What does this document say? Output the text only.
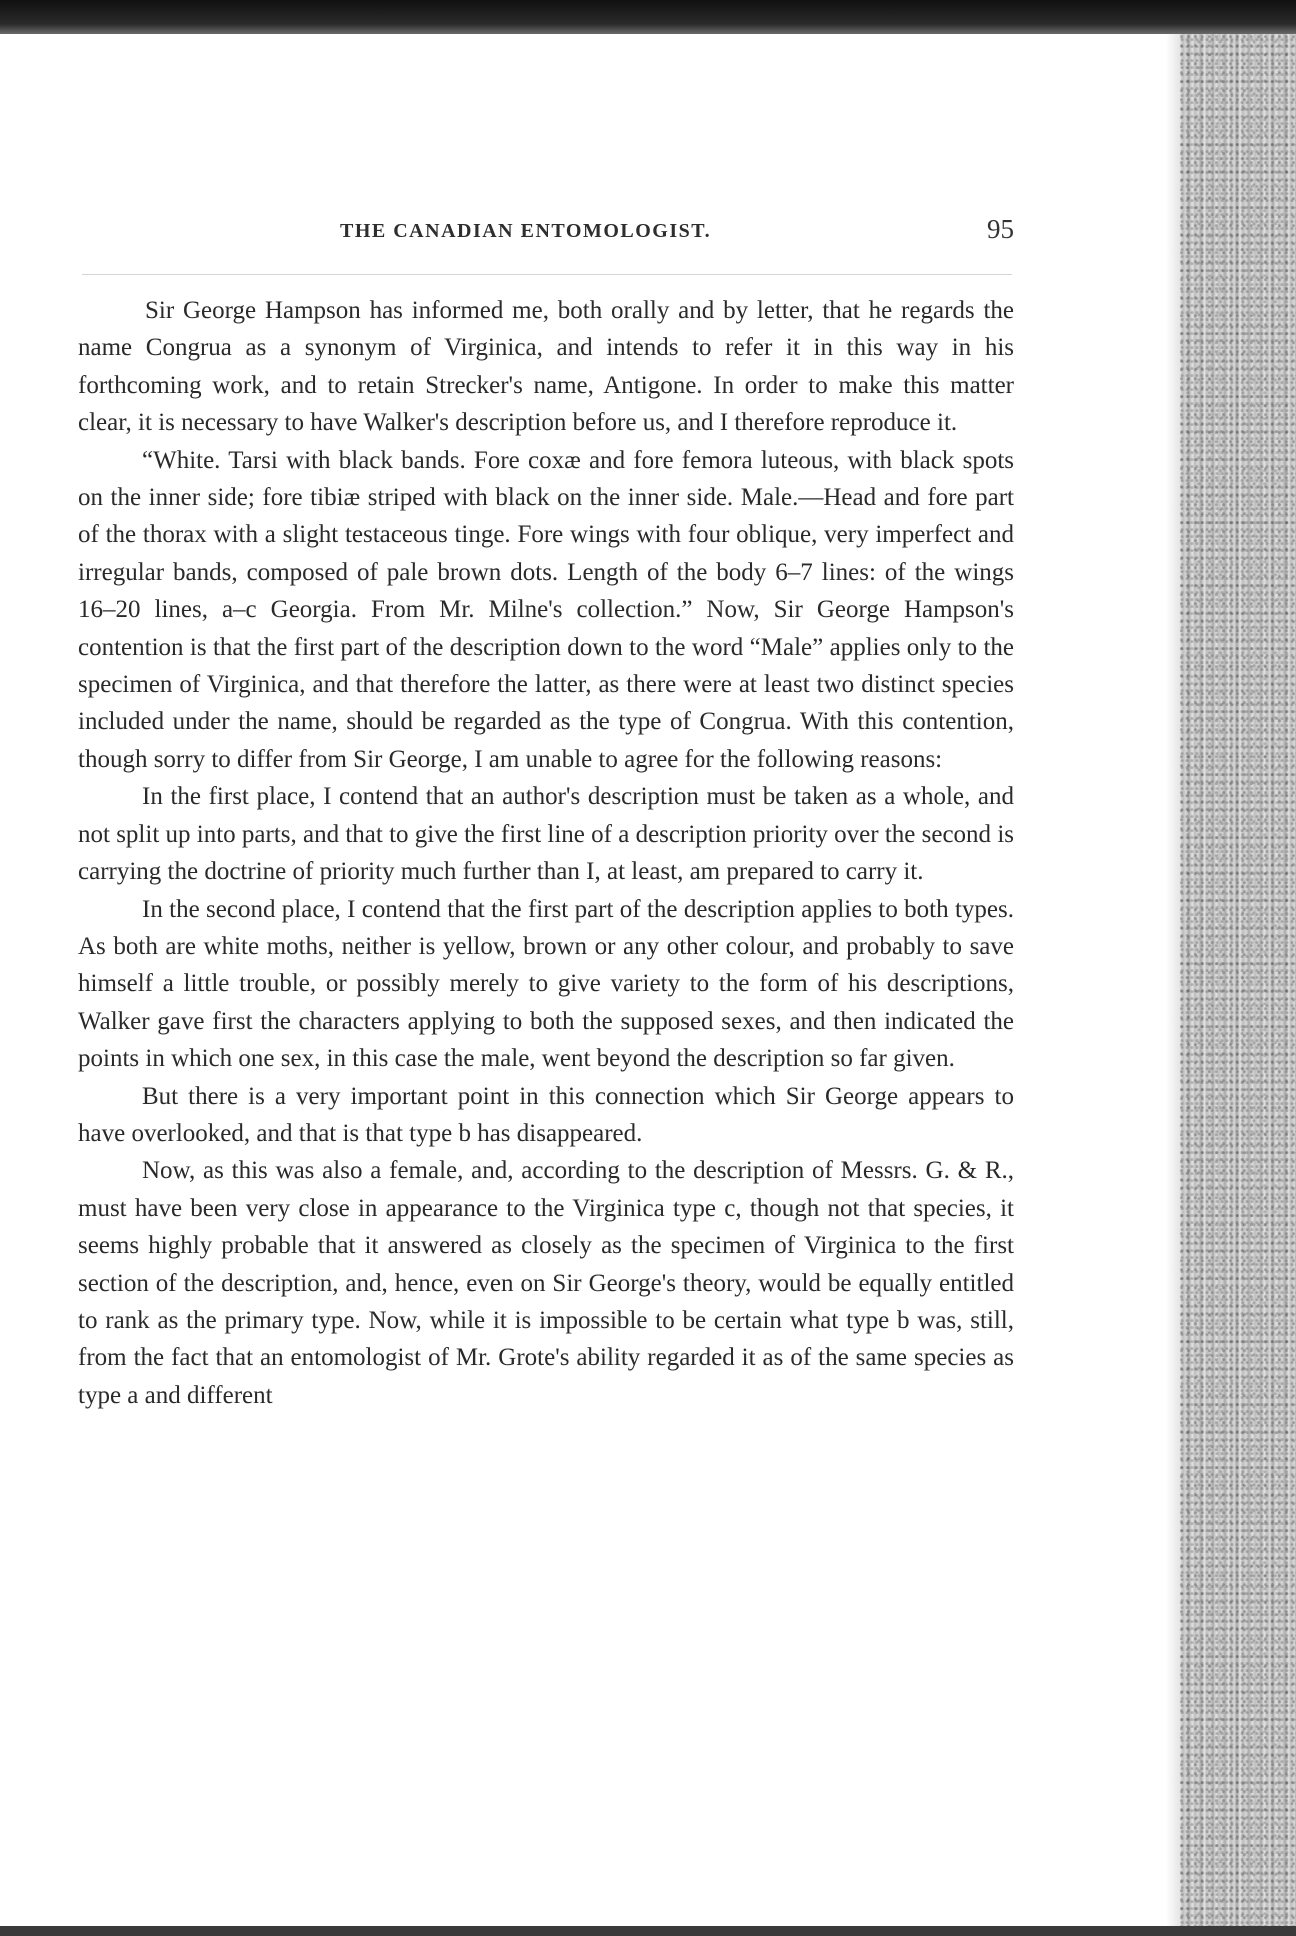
THE CANADIAN ENTOMOLOGIST.	95

Sir George Hampson has informed me, both orally and by letter, that he regards the name Congrua as a synonym of Virginica, and intends to refer it in this way in his forthcoming work, and to retain Strecker's name, Antigone. In order to make this matter clear, it is necessary to have Walker's description before us, and I therefore reproduce it.

“White. Tarsi with black bands. Fore coxæ and fore femora luteous, with black spots on the inner side; fore tibiæ striped with black on the inner side. Male.—Head and fore part of the thorax with a slight testaceous tinge. Fore wings with four oblique, very imperfect and irregular bands, composed of pale brown dots. Length of the body 6–7 lines: of the wings 16–20 lines, a–c Georgia. From Mr. Milne's collection.” Now, Sir George Hampson's contention is that the first part of the description down to the word “Male” applies only to the specimen of Virginica, and that therefore the latter, as there were at least two distinct species included under the name, should be regarded as the type of Congrua. With this contention, though sorry to differ from Sir George, I am unable to agree for the following reasons:

In the first place, I contend that an author's description must be taken as a whole, and not split up into parts, and that to give the first line of a description priority over the second is carrying the doctrine of priority much further than I, at least, am prepared to carry it.

In the second place, I contend that the first part of the description applies to both types. As both are white moths, neither is yellow, brown or any other colour, and probably to save himself a little trouble, or possibly merely to give variety to the form of his descriptions, Walker gave first the characters applying to both the supposed sexes, and then indicated the points in which one sex, in this case the male, went beyond the description so far given.

But there is a very important point in this connection which Sir George appears to have overlooked, and that is that type b has disappeared.

Now, as this was also a female, and, according to the description of Messrs. G. & R., must have been very close in appearance to the Virginica type c, though not that species, it seems highly probable that it answered as closely as the specimen of Virginica to the first section of the description, and, hence, even on Sir George's theory, would be equally entitled to rank as the primary type. Now, while it is impossible to be certain what type b was, still, from the fact that an entomologist of Mr. Grote's ability regarded it as of the same species as type a and different
